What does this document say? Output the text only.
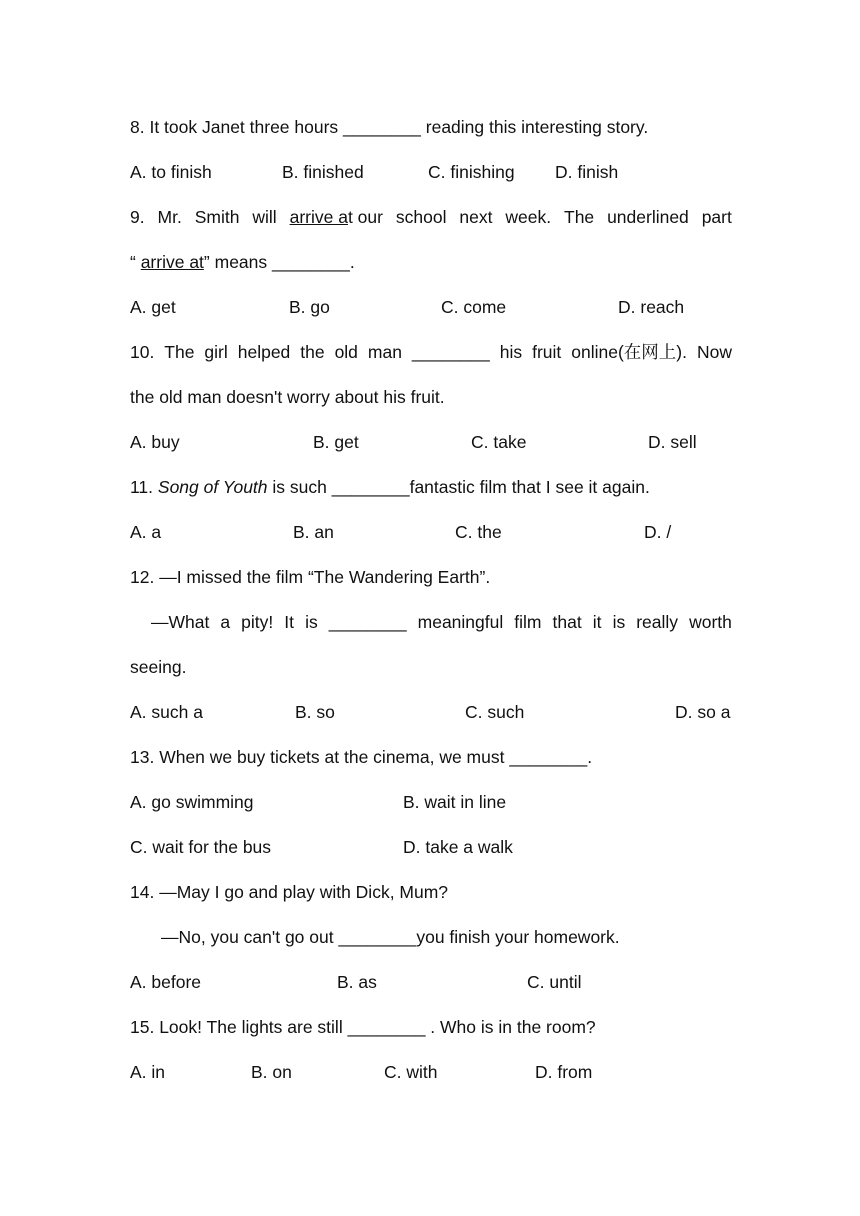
8. It took Janet three hours ________ reading this interesting story.
A. to finish	B. finished	C. finishing D. finish
9. Mr. Smith will arrive at our school next week. The underlined part
“ arrive at” means ________.
A. get	B. go	C. come	D. reach
10. The girl helped the old man ________ his fruit online(在网上). Now
the old man doesn't worry about his fruit.
A. buy	B. get	C. take	D. sell
11. Song of Youth is such ________fantastic film that I see it again.
A. a	B. an	C. the	D. /
12. —I missed the film “The Wandering Earth”.
—What a pity! It is ________ meaningful film that it is really worth
seeing.
A. such a	B. so	C. such	D. so a
13. When we buy tickets at the cinema, we must ________.
A. go swimming	B. wait in line
C. wait for the bus	D. take a walk
14. —May I go and play with Dick, Mum?
—No, you can't go out ________you finish your homework.
A. before	B. as	C. until
15. Look! The lights are still ________ . Who is in the room?
A. in	B. on	C. with	D. from
